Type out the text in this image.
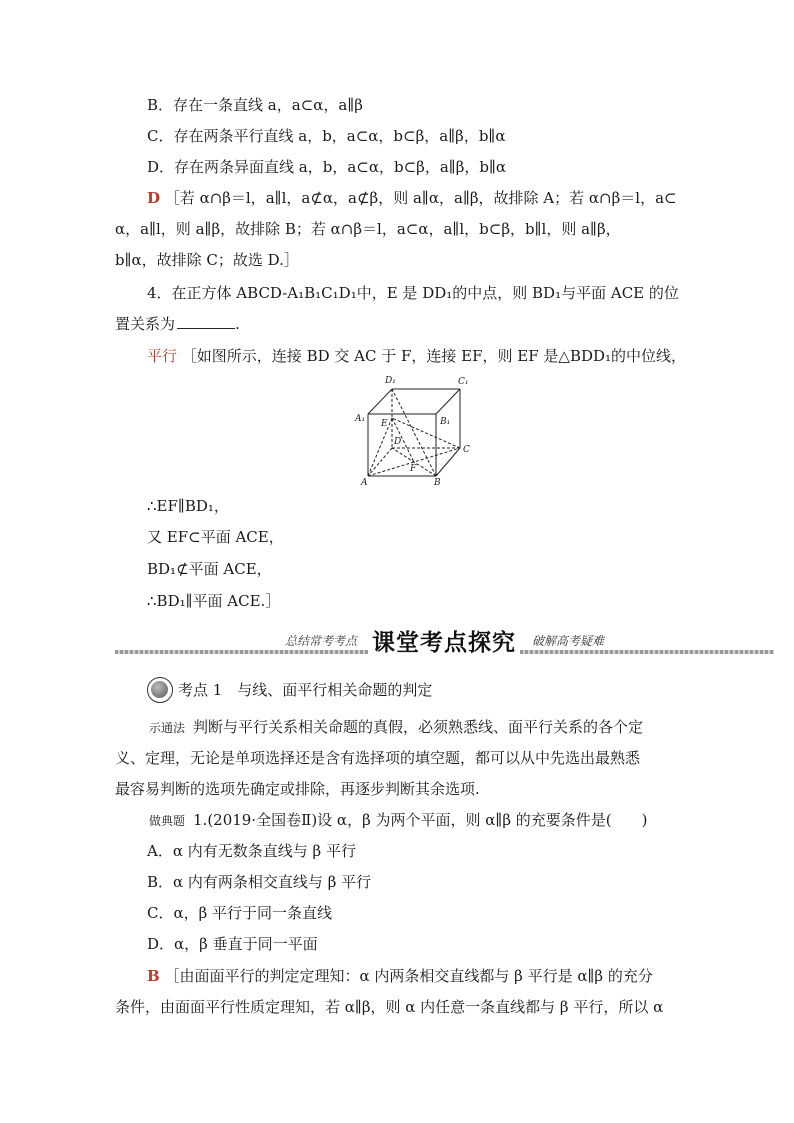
B．存在一条直线 a，a⊂α，a∥β
C．存在两条平行直线 a，b，a⊂α，b⊂β，a∥β，b∥α
D．存在两条异面直线 a，b，a⊂α，b⊂β，a∥β，b∥α
D ［若 α∩β＝l，a∥l，a⊄α，a⊄β，则 a∥α，a∥β，故排除 A；若 α∩β＝l，a⊂
α，a∥l，则 a∥β，故排除 B；若 α∩β＝l，a⊂α，a∥l，b⊂β，b∥l，则 a∥β，
b∥α，故排除 C；故选 D.］
4．在正方体 ABCD-A₁B₁C₁D₁中，E 是 DD₁的中点，则 BD₁与平面 ACE 的位
置关系为	.
平行 ［如图所示，连接 BD 交 AC 于 F，连接 EF，则 EF 是△BDD₁的中位线，
D₁	C₁
A₁	B₁
E
D
C
F
A	B
∴EF∥BD₁，
又 EF⊂平面 ACE，
BD₁⊄平面 ACE，
∴BD₁∥平面 ACE.］
总结常考考点 课堂考点探究	破解高考疑难
考点 1　与线、面平行相关命题的判定
示通法 判断与平行关系相关命题的真假，必须熟悉线、面平行关系的各个定
义、定理，无论是单项选择还是含有选择项的填空题，都可以从中先选出最熟悉
最容易判断的选项先确定或排除，再逐步判断其余选项.
做典题 1.(2019·全国卷Ⅱ)设 α，β 为两个平面，则 α∥β 的充要条件是(　　)
A．α 内有无数条直线与 β 平行
B．α 内有两条相交直线与 β 平行
C．α，β 平行于同一条直线
D．α，β 垂直于同一平面
B ［由面面平行的判定定理知：α 内两条相交直线都与 β 平行是 α∥β 的充分
条件，由面面平行性质定理知，若 α∥β，则 α 内任意一条直线都与 β 平行，所以 α
